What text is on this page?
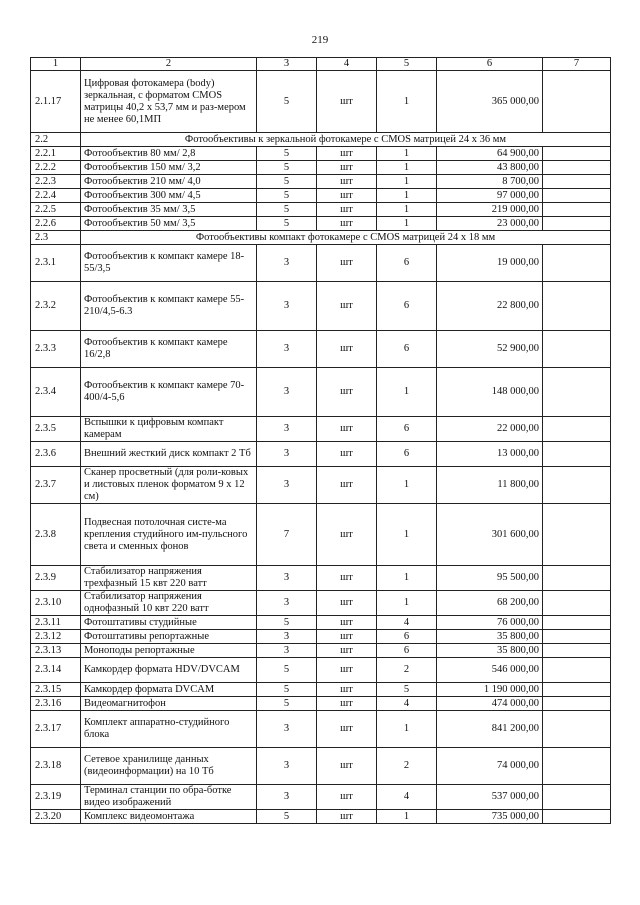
219
1	2	3	4	5	6	7
2.1.17	Цифровая фотокамера (body) зеркальная, с форматом CMOS матрицы 40,2 х 53,7 мм и раз-мером не менее 60,1МП	5	шт	1	365 000,00	
2.2	Фотообъективы к зеркальной фотокамере с CMOS матрицей 24 х 36 мм					
2.2.1	Фотообъектив 80 мм/ 2,8	5	шт	1	64 900,00	
2.2.2	Фотообъектив 150 мм/ 3,2	5	шт	1	43 800,00	
2.2.3	Фотообъектив 210 мм/ 4,0	5	шт	1	8 700,00	
2.2.4	Фотообъектив 300 мм/ 4,5	5	шт	1	97 000,00	
2.2.5	Фотообъектив 35 мм/ 3,5	5	шт	1	219 000,00	
2.2.6	Фотообъектив 50 мм/ 3,5	5	шт	1	23 000,00	
2.3	Фотообъективы компакт фотокамере с CMOS матрицей 24 х 18 мм					
2.3.1	Фотообъектив к компакт камере 18-55/3,5	3	шт	6	19 000,00	
2.3.2	Фотообъектив к компакт камере 55-210/4,5-6.3	3	шт	6	22 800,00	
2.3.3	Фотообъектив к компакт камере 16/2,8	3	шт	6	52 900,00	
2.3.4	Фотообъектив к компакт камере 70-400/4-5,6	3	шт	1	148 000,00	
2.3.5	Вспышки к цифровым компакт камерам	3	шт	6	22 000,00	
2.3.6	Внешний жесткий диск компакт 2 Тб	3	шт	6	13 000,00	
2.3.7	Сканер просветный (для роли-ковых и листовых пленок форматом 9 х 12 см)	3	шт	1	11 800,00	
2.3.8	Подвесная потолочная систе-ма крепления студийного им-пульсного света и сменных фонов	7	шт	1	301 600,00	
2.3.9	Стабилизатор напряжения трехфазный 15 квт 220 ватт	3	шт	1	95 500,00	
2.3.10	Стабилизатор напряжения однофазный 10 квт 220 ватт	3	шт	1	68 200,00	
2.3.11	Фотоштативы студийные	5	шт	4	76 000,00	
2.3.12	Фотоштативы репортажные	3	шт	6	35 800,00	
2.3.13	Моноподы репортажные	3	шт	6	35 800,00	
2.3.14	Камкордер формата HDV/DVCAM	5	шт	2	546 000,00	
2.3.15	Камкордер формата DVCAM	5	шт	5	1 190 000,00	
2.3.16	Видеомагнитофон	5	шт	4	474 000,00	
2.3.17	Комплект аппаратно-студийного блока	3	шт	1	841 200,00	
2.3.18	Сетевое хранилище данных (видеоинформации) на 10 Тб	3	шт	2	74 000,00	
2.3.19	Терминал станции по обра-ботке видео изображений	3	шт	4	537 000,00	
2.3.20	Комплекс видеомонтажа	5	шт	1	735 000,00	
